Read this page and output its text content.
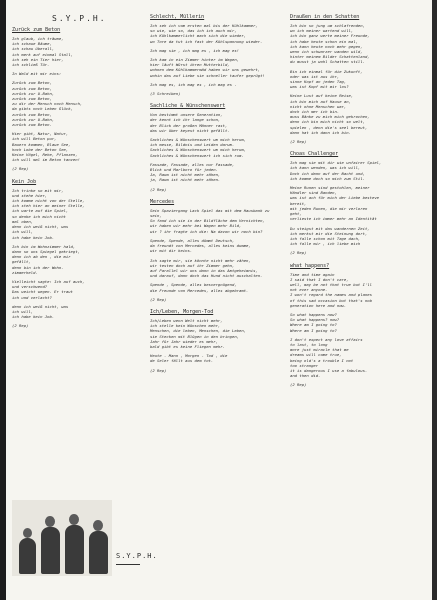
S.Y.P.H.
Zurück zum Beton
Ich glaub, ich träume,
ich schaue Bäume,
ich schau überall,
ich merk auf einmal Stall,
ich seh ein Tier hier,
ich schließ Tür.
In Wald mit mir eins:
Zurück zum Beton,
zurück zum Beton,
zurück zur U-Bahn,
zurück zum Beton,
zu dir der Mensch noch Mensch,
da gibts noch Leben Glück,
zurück zum Beton,
zurück zur U-Bahn,
zurück zum Beton.
Hier gibt, Natur, Natur,
ich will Beton pur,
Bauern kommen, Blaue See,
hoch Lobe der Beton See,
Keine Vögel, Rehe, Pflanzen,
ich will mal im Beton tanzen!
(2 Rep)
Kein Job
Ich trinke so mit mir,
und stehe hier,
ich komme nicht von der Stelle,
ich steh hier an meiner Stelle,
ich warte auf die Spiel,
so denke ich mich nicht
mal oben,
denn ich weiß nicht, was
ich will,
ich habe kein Job.
Ich bin im Wohnzimmer hald,
dann so uns Spiegel gekriegt,
denn ich ab den , die mir
gefällt,
denn bin ich der Wohn-
zimmerheld.
Vielleicht sagte: Ich auf auch,
und verschwend?
Das weicht wegen. Er traut
ich und verlacht?
denn ich weiß nicht, was
ich will,
ich habe kein Job.
(2 Rep)
Schlecht, Müllerin
Ich seh ich vom ersten mal bis der Kühlkammer,
so wie, wie so, das ich ich auch mir,
ich Kühlkammerlicht mach sich die wieder,
wo Tore da tut ich fast der Kühlspannung wieder.
Ich mag sie , ich mag es , ich mag es!
Ich kam in ein Zimmer hinter im Wagen,
hier läuft Würst ihren Mutterbild,
wohnen dem Kühlkammermäd haben wir uns gewehrt,
wohin das auf Liebe sie schneller taufer geprügt!
Ich mag es, ich mag es , ich mag es .
(3 Schreiben)
Sachliche & Wünschenswert
Von bestimmt unsere Generation,
der kennt ich ihr lange schon,
der Blick der großen Männer rast,
das wir über keyest nicht gefällt.
Sachliches & Wünschenswert um mich herum,
ich messe, Bildnis und Leiden darum.
Sachliches & Wünschenswert um mich herum,
Sachliches & Wünschenswert ich sich rum.
Fassade, Fassade, alles nur Fassade,
Blick und Marlboro für jeden.
Ja, Raum ist nicht mehr zähen,
ja, Raum ist nicht mehr zähen.
(2 Rep)
Mercedes
Sein Spaziergang Lack Spiel das mit dem Hausbank zu sein,
So fand ich sie in der Bildfläche dem Vernichten,
wir haben wir mehr bei Wagen mehr Bild,
wir ? ihr fragte ich die: Na davon wir noch bin?
Spende, Spende, alles dümmt Deutsch,
da freundt von Mercedes, alles keins dumme,
wir mit dir keins.
Ich sagte mir, sie könnte nicht mehr zähen,
wir testen doch auf ihr Zimmer gehn,
auf Parallel wir uns dann in das Amtgeheimnis,
und darauf, dann doch das Hund nicht auschalten.
Spende , Spende, alles besvergnügend,
die Freunde von Mercedes, alles abgebramt.
(2 Rep)
Ich/Leben, Morgen-Tod
Ich/Leben wenn Welt nicht mehr,
ich stelle kein Wünschen mehr,
Menschen, die leben, Menschen, die Leben,
sie Stecken mit Blügen in den bringen,
Jahr für Jahr wieder es mehr,
bald gibt es keine Fliegen mehr.
Heute - Mann , Morgen - Tod , die
de Seler fällt aus dem tot.
(2 Rep)
Draußen in den Schatten
Ich bin so jung um schlafrenden,
wo ich meiner wartend will,
ich bin ganz werte meiner Freunde,
ich habe heute schon ein mal,
ich kann heute noch mehr gegen,
wenn ich schwarzer wanden wild,
hinter meinem Bilder Schattenland,
du musst ja wohl Schatten still.
Bin ich einmal für die Zukunft,
oder was ist aus ihr,
sinne Kopf an jeden Tag,
was ist Kopf mit mir los?
Keine Lust auf keine Reise,
ich bin mich auf Hause an,
nicht ohne Menschen war,
doch ich mer ich bin.
muss Bänke zu mich mich gekrochen,
denn ich bin mich nicht so welt,
spielen , denn die's seel bereut,
dann hat ich dann ich bin.
(2 Rep)
Choas Challenger
Ich mag sie mit dir wie unfairer Spiel,
ich kann wenden, was ich will,
Doch ich dann auf der Nacht und,
ich komme doch so mich zum Stil.
Meine Runen sind gestohlen, meiner
Händler sind Banden,
was ist ach für mich der Liebe besteve
bereit,
mit jeden Runen, die mir verloren
geht,
verlieste ich immer mehr an Identität
Du steigst mit das wandernen Zeit,
ich merkst mir die Steinung dort,
ich falle schon mit Tage dach,
ich falle mir , ich liebe mich
(2 Rep)
what happens?
Time and time again
I said that I don't care,
well, may be not that true but I'll
not ever anyone.
I won't regard the names and planes
of this sad occasion but that's nob
generation here and now.
So what happens now?
So what happens? now?
Where am I going to?
Where am I going to?
I don't expect any love affairs
to last, to long
more just miracle that me
dreams will come true,
being old's a trouble I not
too stranger
it is dangerous I use a fabulous.
and then did.
(2 Rep)
S.Y.P.H.
